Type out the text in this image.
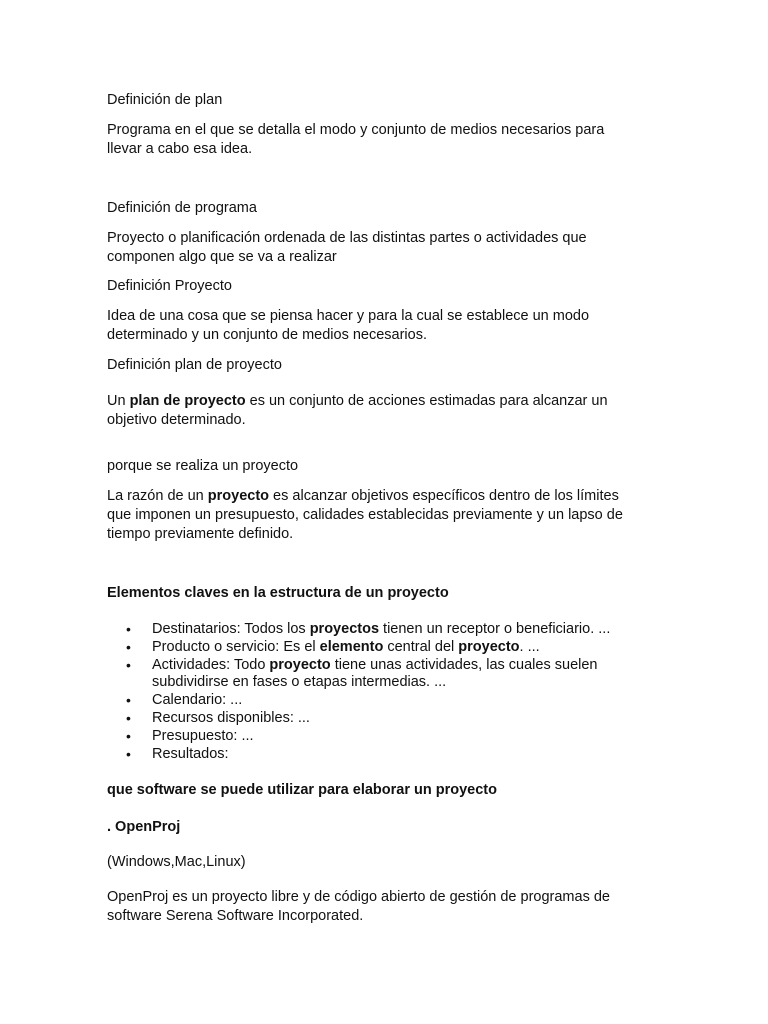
Definición de plan

Programa en el que se detalla el modo y conjunto de medios necesarios para
llevar a cabo esa idea.

Definición de programa

Proyecto o planificación ordenada de las distintas partes o actividades que
componen algo que se va a realizar

Definición Proyecto

Idea de una cosa que se piensa hacer y para la cual se establece un modo
determinado y un conjunto de medios necesarios.

Definición plan de proyecto

Un plan de proyecto es un conjunto de acciones estimadas para alcanzar un
objetivo determinado.

porque se realiza un proyecto

La razón de un proyecto es alcanzar objetivos específicos dentro de los límites
que imponen un presupuesto, calidades establecidas previamente y un lapso de
tiempo previamente definido.

Elementos claves en la estructura de un proyecto

• Destinatarios: Todos los proyectos tienen un receptor o beneficiario. ...
• Producto o servicio: Es el elemento central del proyecto. ...
• Actividades: Todo proyecto tiene unas actividades, las cuales suelen
subdividirse en fases o etapas intermedias. ...
• Calendario: ...
• Recursos disponibles: ...
• Presupuesto: ...
• Resultados:

que software se puede utilizar para elaborar un proyecto

. OpenProj

(Windows,Mac,Linux)

OpenProj es un proyecto libre y de código abierto de gestión de programas de
software Serena Software Incorporated.
